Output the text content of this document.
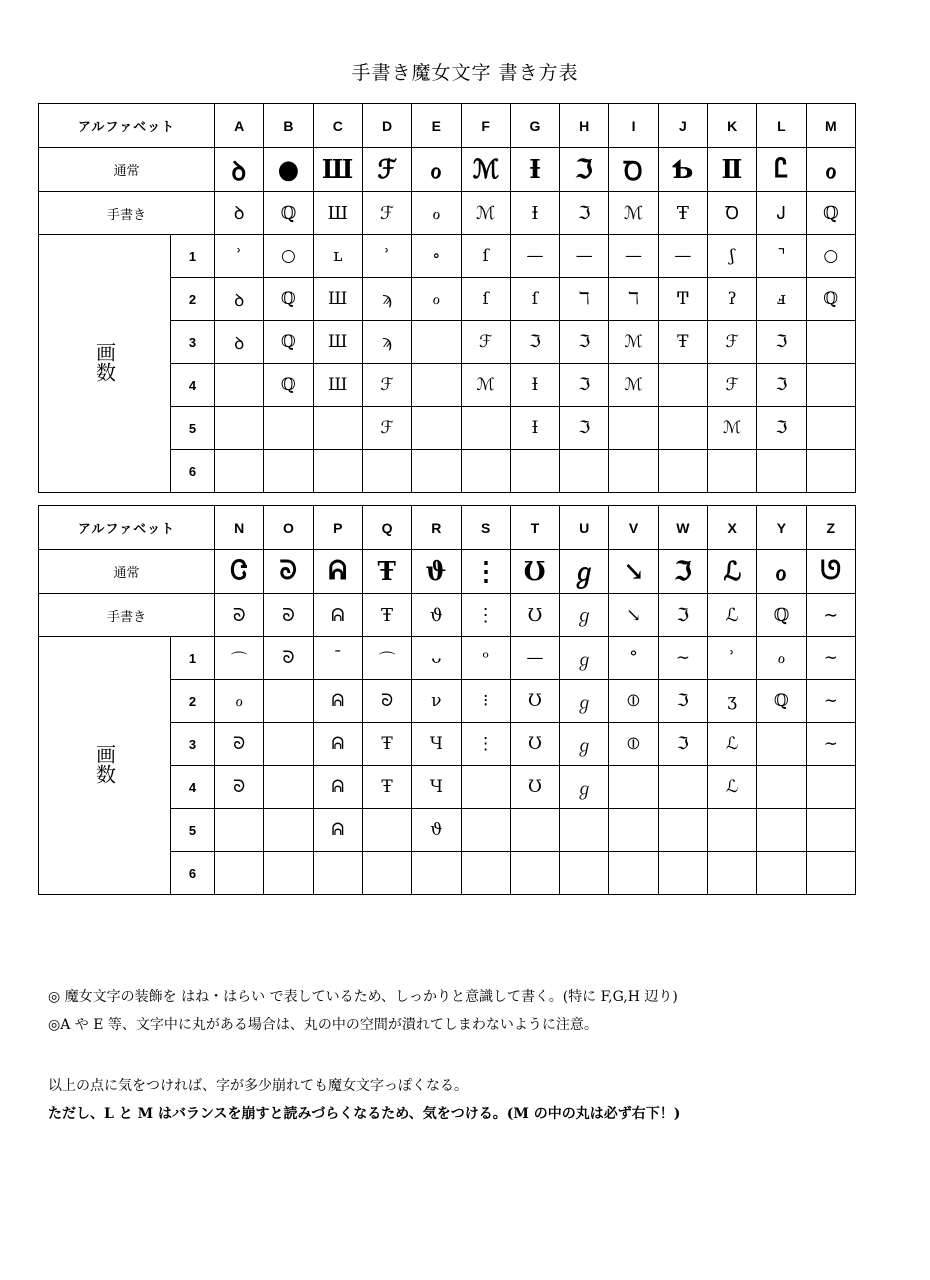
手書き魔女文字 書き方表
アルファベット		A	B	C	D	E	F	G	H	I	J	K	L	M
通常		ꝺ	●	Ш	ℱ	ℴ	ℳ	Ɨ	ℑ	Ꝺ	Ƅ	Ⅱ	Ꮭ	ℴ
手書き		ꝺ	ℚ	Ш	ℱ	ℴ	ℳ	Ɨ	ℑ	ℳ	Ŧ	Ꝺ	Ꭻ	ℚ
画数	1	ʾ	○	ʟ	ʾ	∘	ſ	—	—	—	—	ʃ	⌝	○
	2	ꝺ	ℚ	Ш	ϡ	ℴ	ſ	ſ	ℸ	ℸ	Ͳ	ʔ	ⅎ	ℚ
	3	ꝺ	ℚ	Ш	ϡ		ℱ	ℑ	ℑ	ℳ	Ŧ	ℱ	ℑ	
	4		ℚ	Ш	ℱ		ℳ	Ɨ	ℑ	ℳ		ℱ	ℑ	
	5				ℱ			Ɨ	ℑ			ℳ	ℑ	
	6													
アルファベット		N	O	P	Q	R	S	T	U	V	W	X	Y	Z
通常		Ꮳ	ᘐ	ᕱ	Ŧ	ϑ	⋮	Ʊ	ℊ	↘	ℑ	ℒ	ℴ	ᘎ
手書き		ᘐ	ᘐ	ᕱ	Ŧ	ϑ	⋮	Ʊ	ℊ	↘	ℑ	ℒ	ℚ	∼
画数	1	⌒	ᘐ	ˉ	⌒	ᴗ	ᵒ	—	ℊ	°	∼	ʾ	ℴ	∼
	2	ℴ		ᕱ	ᘐ	ν	⁝	Ʊ	ℊ	⦶	ℑ	ʒ	ℚ	∼
	3	ᘐ		ᕱ	Ŧ	Ч	⋮	Ʊ	ℊ	⦶	ℑ	ℒ		∼
	4	ᘐ		ᕱ	Ŧ	Ч		Ʊ	ℊ			ℒ		
	5			ᕱ		ϑ								
	6													
◎ 魔女文字の装飾を はね・はらい で表しているため、しっかりと意識して書く。(特に F,G,H 辺り)
◎A や E 等、文字中に丸がある場合は、丸の中の空間が潰れてしまわないように注意。
以上の点に気をつければ、字が多少崩れても魔女文字っぽくなる。
ただし、L と M はバランスを崩すと読みづらくなるため、気をつける。(M の中の丸は必ず右下！)
